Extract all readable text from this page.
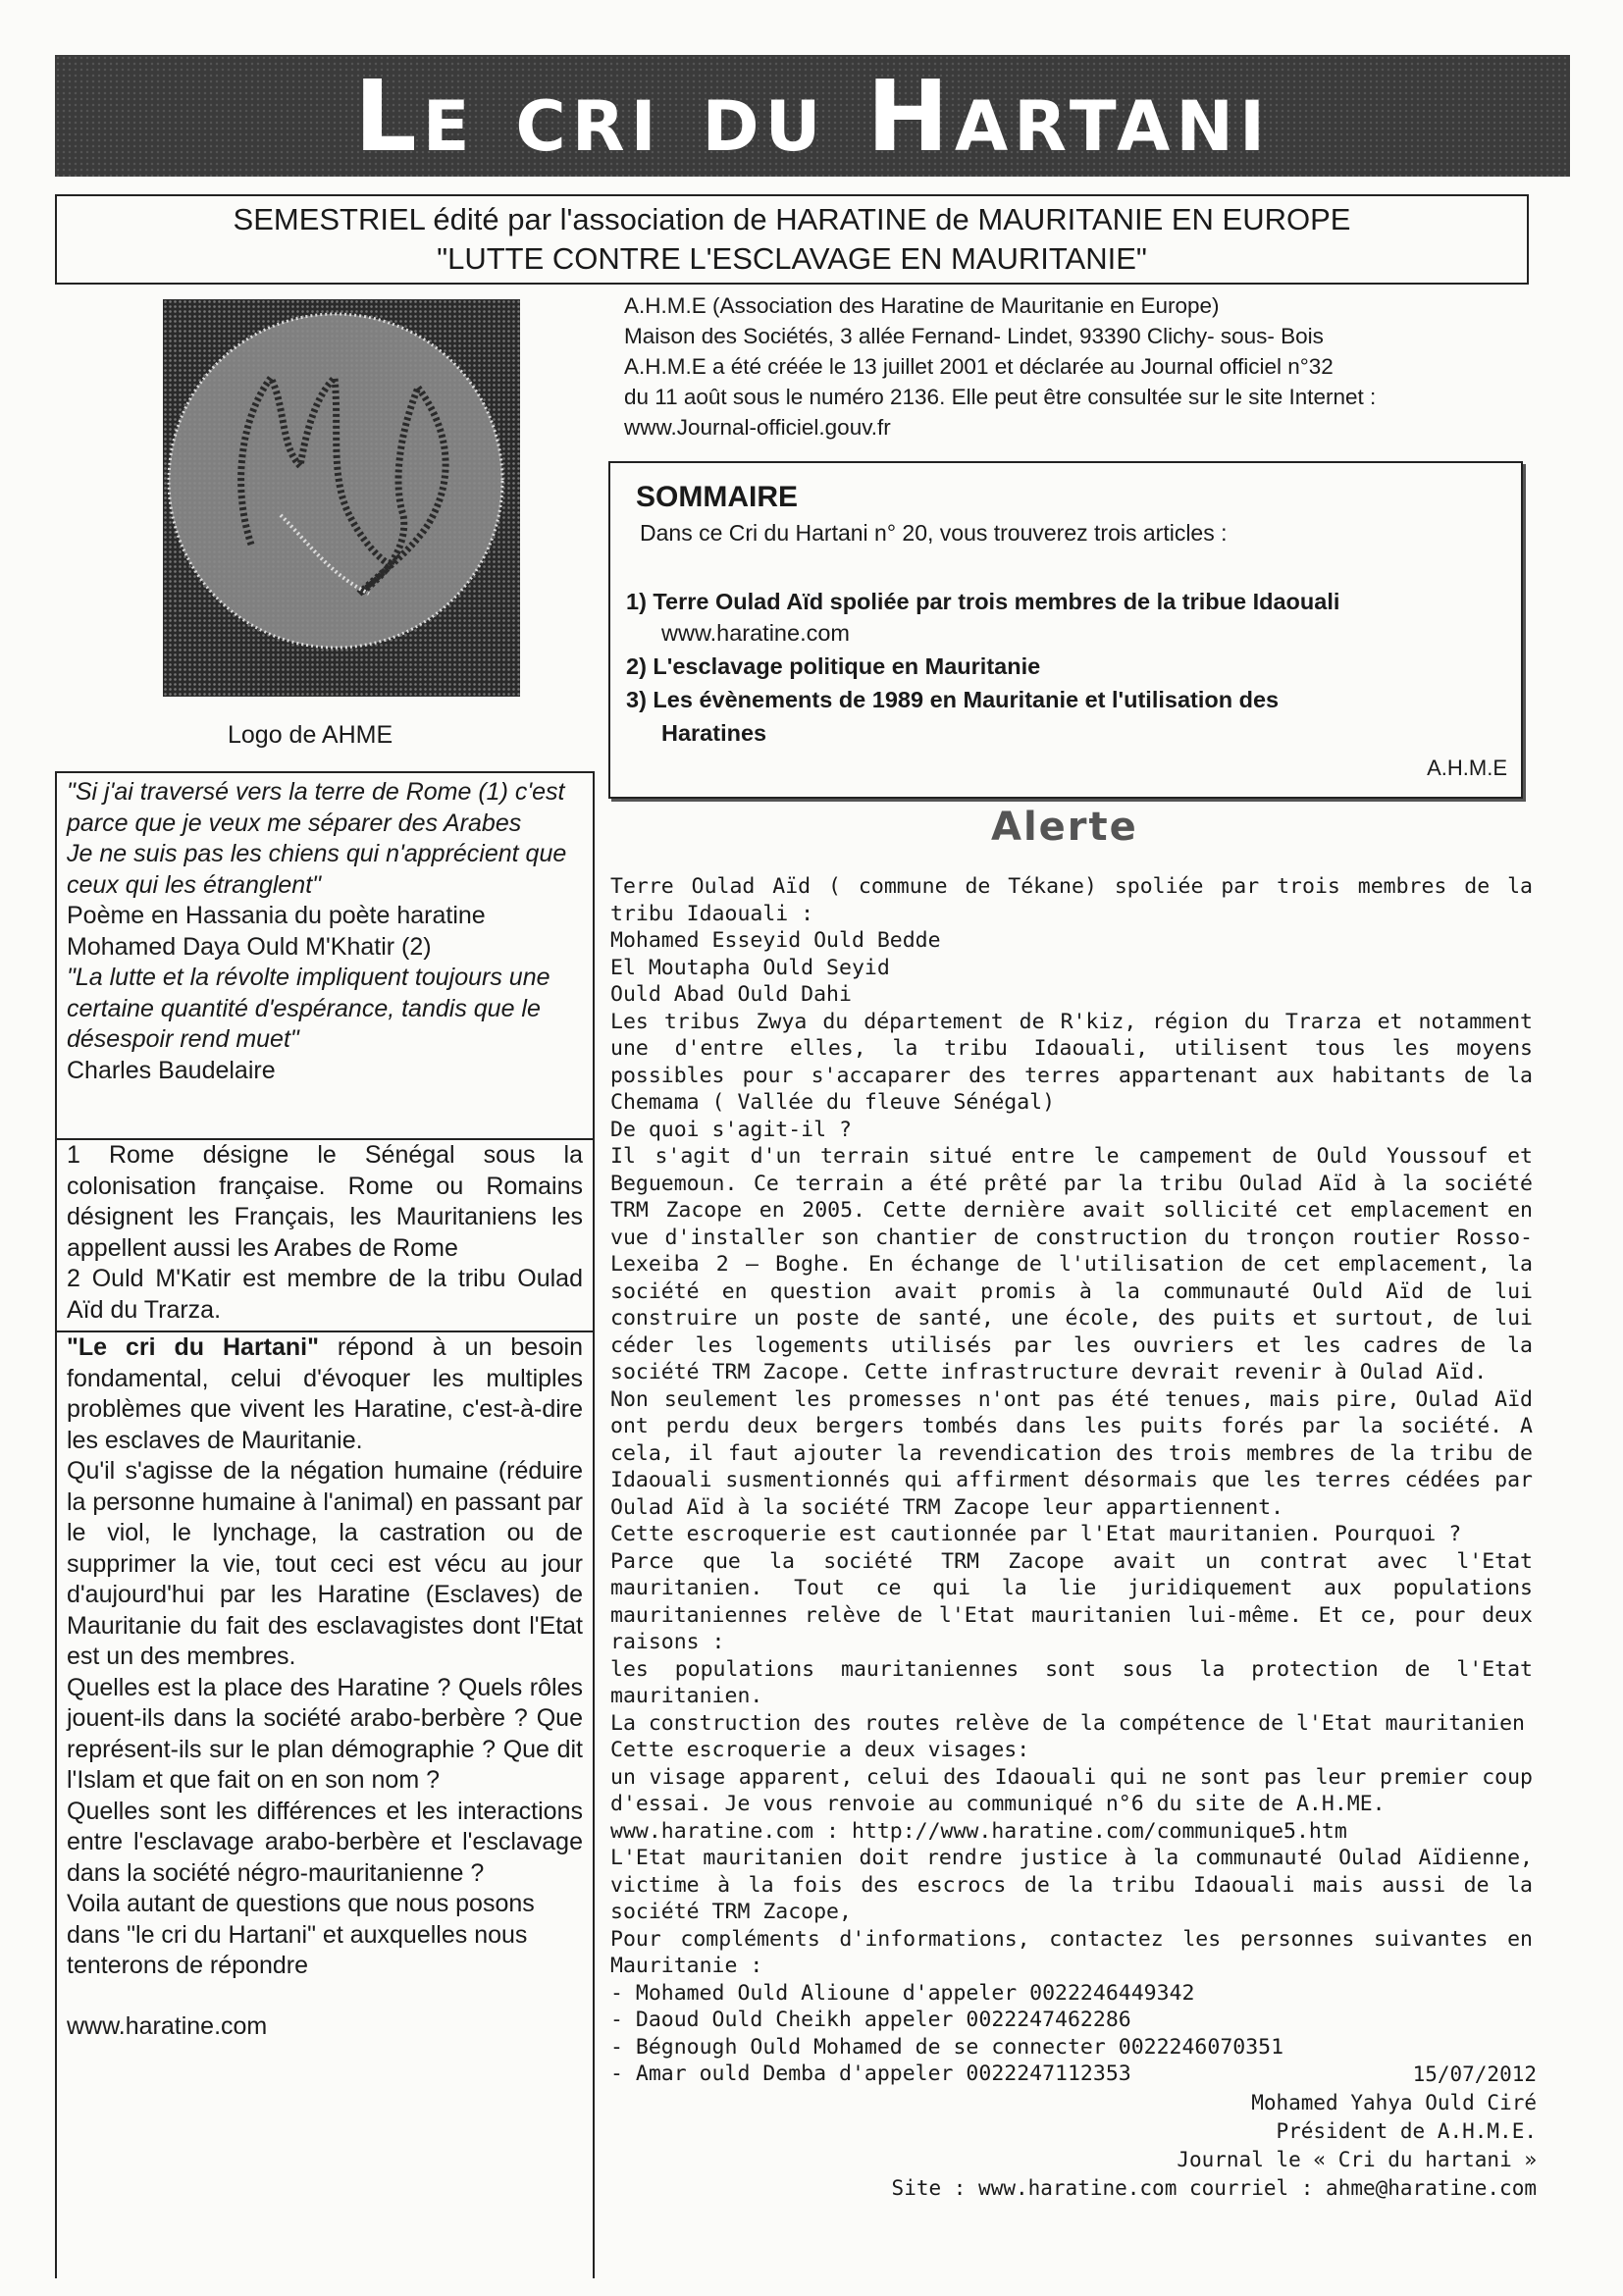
Le cri du Hartani
SEMESTRIEL édité par l'association de HARATINE de MAURITANIE EN EUROPE
"LUTTE CONTRE L'ESCLAVAGE EN MAURITANIE"
Logo de AHME
A.H.M.E (Association des Haratine de Mauritanie en Europe)
Maison des Sociétés, 3 allée Fernand- Lindet, 93390 Clichy- sous- Bois
A.H.M.E a été créée le 13 juillet 2001 et déclarée au Journal officiel n°32
du 11 août sous le numéro 2136. Elle peut être consultée sur le site Internet :
www.Journal-officiel.gouv.fr
SOMMAIRE
Dans ce Cri du Hartani n° 20, vous trouverez trois articles :
1) Terre Oulad Aïd spoliée par trois membres de la tribue Idaouali
www.haratine.com
2) L'esclavage politique en Mauritanie
3) Les évènements de 1989 en Mauritanie et l'utilisation des
Haratines
A.H.M.E
Alerte
"Si j'ai traversé vers la terre de Rome (1) c'est parce que je veux me séparer des Arabes
Je ne suis pas les chiens qui n'apprécient que ceux qui les étranglent"
Poème en Hassania du poète haratine Mohamed Daya Ould M'Khatir (2)
"La lutte et la révolte impliquent toujours une certaine quantité d'espérance, tandis que le désespoir rend muet"
Charles Baudelaire
1 Rome désigne le Sénégal sous la colonisation française. Rome ou Romains désignent les Français, les Mauritaniens les appellent aussi les Arabes de Rome
2 Ould M'Katir est membre de la tribu Oulad Aïd du Trarza.
"Le cri du Hartani" répond à un besoin fondamental, celui d'évoquer les multiples problèmes que vivent les Haratine, c'est-à-dire les esclaves de Mauritanie.
Qu'il s'agisse de la négation humaine (réduire la personne humaine à l'animal) en passant par le viol, le lynchage, la castration ou de supprimer la vie, tout ceci est vécu au jour d'aujourd'hui par les Haratine (Esclaves) de Mauritanie du fait des esclavagistes dont l'Etat est un des membres.
Quelles est la place des Haratine ? Quels rôles jouent-ils dans la société arabo-berbère ? Que représent-ils sur le plan démographie ? Que dit l'Islam et que fait on en son nom ?
Quelles sont les différences et les interactions entre l'esclavage arabo-berbère et l'esclavage dans la société négro-mauritanienne ?
Voila autant de questions que nous posons dans "le cri du Hartani" et auxquelles nous tenterons de répondre
www.haratine.com
Terre Oulad Aïd ( commune de Tékane) spoliée par trois membres de la tribu Idaouali :
Mohamed Esseyid Ould Bedde
El Moutapha Ould Seyid
Ould Abad Ould Dahi
Les tribus Zwya du département de R'kiz, région du Trarza et notamment une d'entre elles, la tribu Idaouali, utilisent tous les moyens possibles pour s'accaparer des terres appartenant aux habitants de la Chemama ( Vallée du fleuve Sénégal)
De quoi s'agit-il ?
Il s'agit d'un terrain situé entre le campement de Ould Youssouf et Beguemoun. Ce terrain a été prêté par la tribu Oulad Aïd à la société TRM Zacope en 2005. Cette dernière avait sollicité cet emplacement en vue d'installer son chantier de construction du tronçon routier Rosso- Lexeiba 2 – Boghe. En échange de l'utilisation de cet emplacement, la société en question avait promis à la communauté Ould Aïd de lui construire un poste de santé, une école, des puits et surtout, de lui céder les logements utilisés par les ouvriers et les cadres de la société TRM Zacope. Cette infrastructure devrait revenir à Oulad Aïd.
Non seulement les promesses n'ont pas été tenues, mais pire, Oulad Aïd ont perdu deux bergers tombés dans les puits forés par la société. A cela, il faut ajouter la revendication des trois membres de la tribu de Idaouali susmentionnés qui affirment désormais que les terres cédées par Oulad Aïd à la société TRM Zacope leur appartiennent.
Cette escroquerie est cautionnée par l'Etat mauritanien. Pourquoi ?
Parce que la société TRM Zacope avait un contrat avec l'Etat mauritanien. Tout ce qui la lie juridiquement aux populations mauritaniennes relève de l'Etat mauritanien lui-même. Et ce, pour deux raisons :
les populations mauritaniennes sont sous la protection de l'Etat mauritanien.
La construction des routes relève de la compétence de l'Etat mauritanien
Cette escroquerie a deux visages:
un visage apparent, celui des Idaouali qui ne sont pas leur premier coup d'essai. Je vous renvoie au communiqué n°6 du site de A.H.ME.
www.haratine.com : http://www.haratine.com/communique5.htm
L'Etat mauritanien doit rendre justice à la communauté Oulad Aïdienne, victime à la fois des escrocs de la tribu Idaouali mais aussi de la société TRM Zacope,
Pour compléments d'informations, contactez les personnes suivantes en Mauritanie :
- Mohamed Ould Alioune d'appeler 0022246449342
- Daoud Ould Cheikh appeler 0022247462286
- Bégnough Ould Mohamed de se connecter 0022246070351
- Amar ould Demba d'appeler 0022247112353	15/07/2012
Mohamed Yahya Ould Ciré
Président de A.H.M.E.
Journal le « Cri du hartani »
Site : www.haratine.com courriel : ahme@haratine.com
